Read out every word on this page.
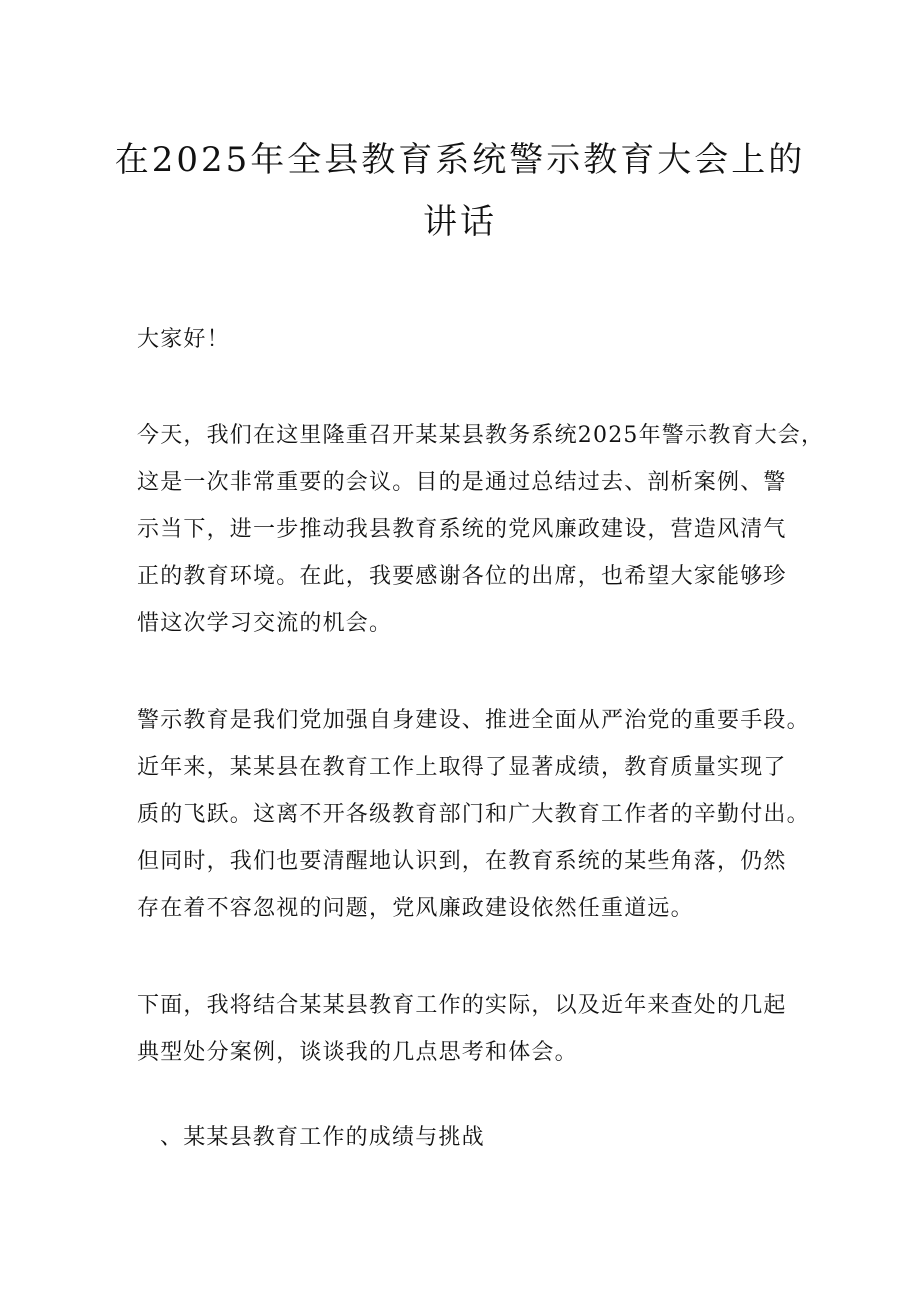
在2025年全县教育系统警示教育大会上的
讲话

大家好！

今天，我们在这里隆重召开某某县教务系统2025年警示教育大会，

这是一次非常重要的会议。目的是通过总结过去、剖析案例、警

示当下，进一步推动我县教育系统的党风廉政建设，营造风清气

正的教育环境。在此，我要感谢各位的出席，也希望大家能够珍

惜这次学习交流的机会。

警示教育是我们党加强自身建设、推进全面从严治党的重要手段。

近年来，某某县在教育工作上取得了显著成绩，教育质量实现了

质的飞跃。这离不开各级教育部门和广大教育工作者的辛勤付出。

但同时，我们也要清醒地认识到，在教育系统的某些角落，仍然

存在着不容忽视的问题，党风廉政建设依然任重道远。

下面，我将结合某某县教育工作的实际，以及近年来查处的几起

典型处分案例，谈谈我的几点思考和体会。

、某某县教育工作的成绩与挑战
